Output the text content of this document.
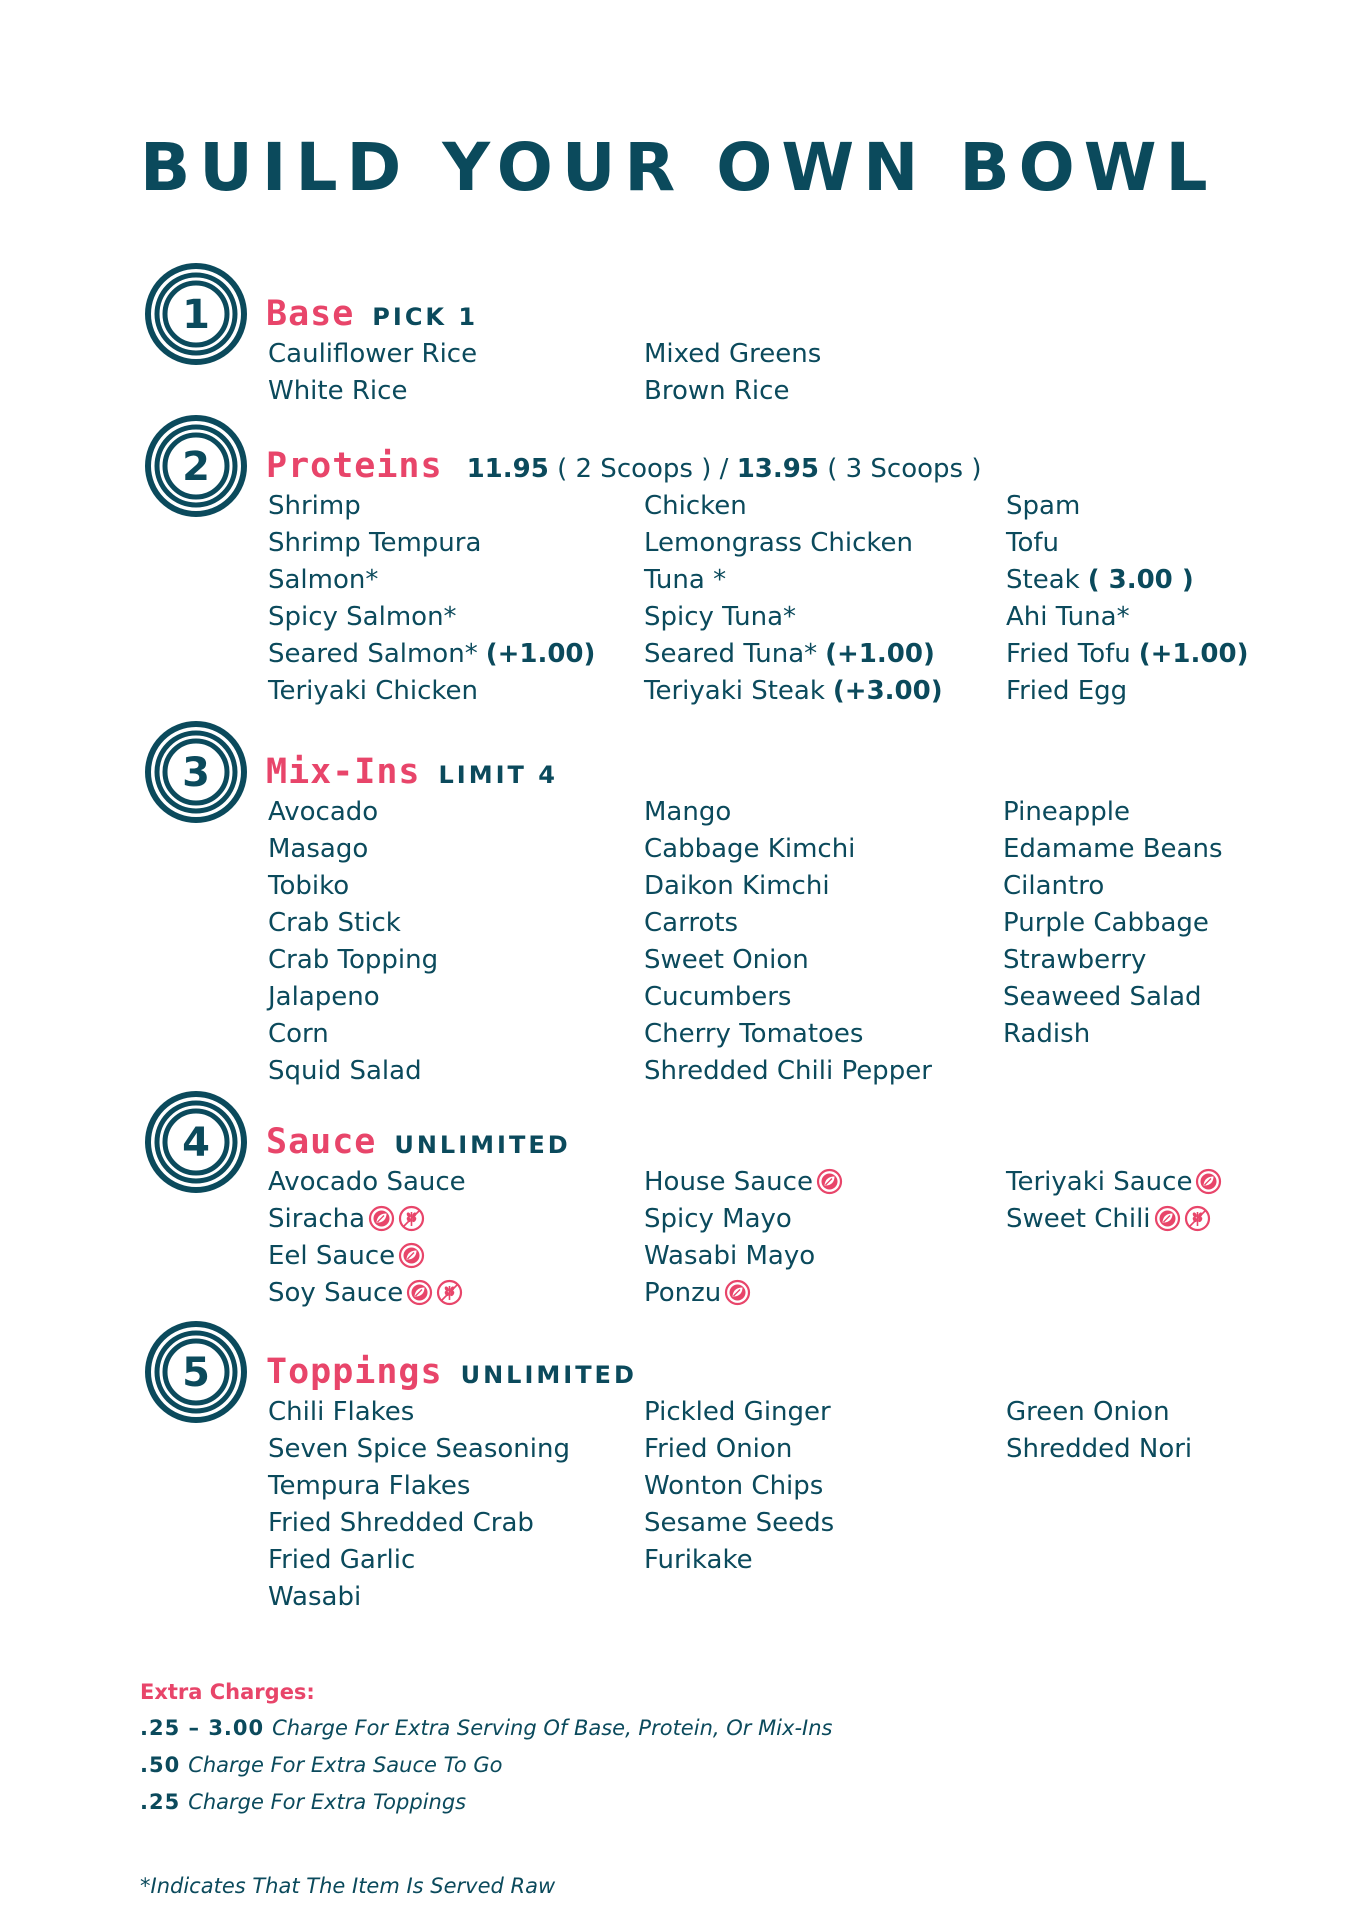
BUILD YOUR OWN BOWL
1 Base PICK 1
Cauliflower Rice
White Rice
Mixed Greens
Brown Rice
2 Proteins 11.95 ( 2 Scoops ) / 13.95 ( 3 Scoops )
Shrimp
Shrimp Tempura
Salmon*
Spicy Salmon*
Seared Salmon* (+1.00)
Teriyaki Chicken
Chicken
Lemongrass Chicken
Tuna *
Spicy Tuna*
Seared Tuna* (+1.00)
Teriyaki Steak (+3.00)
Spam
Tofu
Steak ( 3.00 )
Ahi Tuna*
Fried Tofu (+1.00)
Fried Egg
3 Mix-Ins LIMIT 4
Avocado
Masago
Tobiko
Crab Stick
Crab Topping
Jalapeno
Corn
Squid Salad
Mango
Cabbage Kimchi
Daikon Kimchi
Carrots
Sweet Onion
Cucumbers
Cherry Tomatoes
Shredded Chili Pepper
Pineapple
Edamame Beans
Cilantro
Purple Cabbage
Strawberry
Seaweed Salad
Radish
4 Sauce UNLIMITED
Avocado Sauce
Siracha
Eel Sauce
Soy Sauce
House Sauce
Spicy Mayo
Wasabi Mayo
Ponzu
Teriyaki Sauce
Sweet Chili
5 Toppings UNLIMITED
Chili Flakes
Seven Spice Seasoning
Tempura Flakes
Fried Shredded Crab
Fried Garlic
Wasabi
Pickled Ginger
Fried Onion
Wonton Chips
Sesame Seeds
Furikake
Green Onion
Shredded Nori

Extra Charges:

.25 – 3.00 Charge For Extra Serving Of Base, Protein, Or Mix-Ins

.50 Charge For Extra Sauce To Go

.25 Charge For Extra Toppings

*Indicates That The Item Is Served Raw
